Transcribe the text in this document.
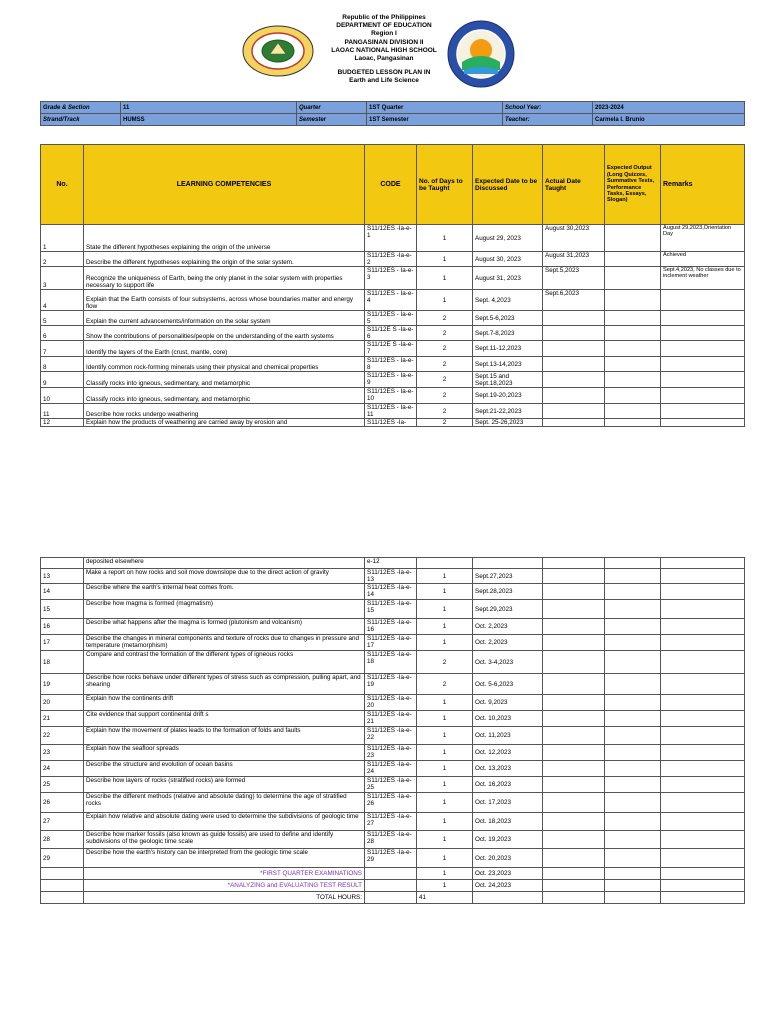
Republic of the Philippines
DEPARTMENT OF EDUCATION
Region I
PANGASINAN DIVISION II
LAOAC NATIONAL HIGH SCHOOL
Laoac, Pangasinan
BUDGETED LESSON PLAN IN
Earth and Life Science
Grade & Section	11	Quarter	1ST Quarter	School Year:	2023-2024
Strand/Track	HUMSS	Semester	1ST Semester	Teacher:	Carmela I. Brunio
No.	LEARNING COMPETENCIES	CODE	No. of Days to be Taught	Expected Date to be Discussed	Actual Date Taught	Expected Output (Long Quizzes, Summative Tests, Performance Tasks, Essays, Slogan)	Remarks
1	State the different hypotheses explaining the origin of the universe	S11/12ES -Ia-e-1	1	August 29, 2023	August 30,2023		August 29,2023,Orientation Day
2	Describe the different hypotheses explaining the origin of the solar system.	S11/12ES -Ia-e-2	1	August 30, 2023	August 31,2023		Achieved
3	Recognize the uniqueness of Earth, being the only planet in the solar system with properties necessary to support life	S11/12ES - Ia-e-3	1	August 31, 2023	Sept.5,2023		Sept.4,2023, No classes due to inclement weather
4	Explain that the Earth consists of four subsystems, across whose boundaries matter and energy flow	S11/12ES - Ia-e-4	1	Sept. 4,2023	Sept.6,2023		
5	Explain the current advancements/information on the solar system	S11/12ES - Ia-e-5	2	Sept.5-6,2023			
6	Show the contributions of personalities/people on the understanding of the earth systems	S11/12E S -Ia-e-6	2	Sept.7-8,2023			
7	Identify the layers of the Earth (crust, mantle, core)	S11/12E S -Ia-e-7	2	Sept.11-12,2023			
8	Identify common rock-forming minerals using their physical and chemical properties	S11/12ES - Ia-e-8	2	Sept.13-14,2023			
9	Classify rocks into igneous, sedimentary, and metamorphic	S11/12ES - Ia-e-9	2	Sept.15 and Sept.18,2023			
10	Classify rocks into igneous, sedimentary, and metamorphic	S11/12ES - Ia-e-10	2	Sept.19-20,2023			
11	Describe how rocks undergo weathering	S11/12ES - Ia-e-11	2	Sept.21-22,2023			
12	Explain how the products of weathering are carried away by erosion and	S11/12ES -Ia-	2	Sept. 25-26,2023			
	deposited elsewhere	e-12					
13	Make a report on how rocks and soil move downslope due to the direct action of gravity	S11/12ES -Ia-e-13	1	Sept.27,2023			
14	Describe where the earth's internal heat comes from.	S11/12ES -Ia-e-14	1	Sept.28,2023			
15	Describe how magma is formed (magmatism)	S11/12ES -Ia-e-15	1	Sept.29,2023			
16	Describe what happens after the magma is formed (plutonism and volcanism)	S11/12ES -Ia-e-16	1	Oct. 2,2023			
17	Describe the changes in mineral components and texture of rocks due to changes in pressure and temperature (metamorphism)	S11/12ES -Ia-e-17	1	Oct. 2,2023			
18	Compare and contrast the formation of the different types of igneous rocks	S11/12ES -Ia-e-18	2	Oct. 3-4,2023			
19	Describe how rocks behave under different types of stress such as compression, pulling apart, and shearing	S11/12ES -Ia-e-19	2	Oct. 5-6,2023			
20	Explain how the continents drift	S11/12ES -Ia-e-20	1	Oct. 9,2023			
21	Cite evidence that support continental drift s	S11/12ES -Ia-e-21	1	Oct. 10,2023			
22	Explain how the movement of plates leads to the formation of folds and faults	S11/12ES -Ia-e-22	1	Oct. 11,2023			
23	Explain how the seafloor spreads	S11/12ES -Ia-e-23	1	Oct. 12,2023			
24	Describe the structure and evolution of ocean basins	S11/12ES -Ia-e-24	1	Oct. 13,2023			
25	Describe how layers of rocks (stratified rocks) are formed	S11/12ES -Ia-e-25	1	Oct. 16,2023			
26	Describe the different methods (relative and absolute dating) to determine the age of stratified rocks	S11/12ES -Ia-e-26	1	Oct. 17,2023			
27	Explain how relative and absolute dating were used to determine the subdivisions of geologic time	S11/12ES -Ia-e-27	1	Oct. 18,2023			
28	Describe how marker fossils (also known as guide fossils) are used to define and identify subdivisions of the geologic time scale	S11/12ES -Ia-e-28	1	Oct. 19,2023			
29	Describe how the earth's history can be interpreted from the geologic time scale	S11/12ES -Ia-e-29	1	Oct. 20,2023			
	*FIRST QUARTER EXAMINATIONS		1	Oct. 23,2023			
	*ANALYZING and EVALUATING TEST RESULT		1	Oct. 24,2023			
	TOTAL HOURS:		41				
